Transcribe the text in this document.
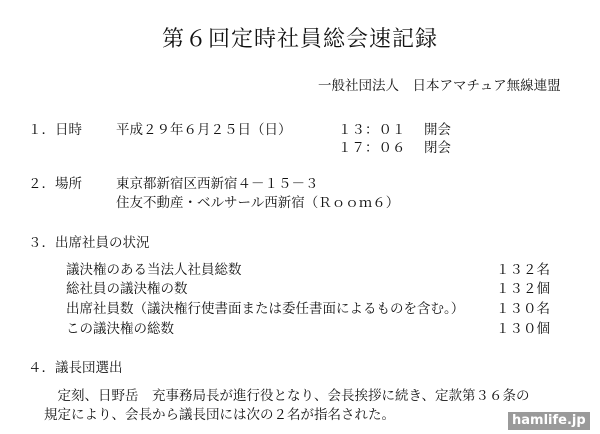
第６回定時社員総会速記録
一般社団法人　日本アマチュア無線連盟
１．日時	平成２９年６月２５日（日）	１３：０１ 開会
１７：０６ 閉会
２．場所	東京都新宿区西新宿４－１５－３
住友不動産・ベルサール西新宿（Ｒｏｏｍ６）
３．出席社員の状況
議決権のある当法人社員総数	１３２名
総社員の議決権の数	１３２個
出席社員数（議決権行使書面または委任書面によるものを含む。） １３０名
この議決権の総数	１３０個
４．議長団選出
　定刻、日野岳　充事務局長が進行役となり、会長挨拶に続き、定款第３６条の
規定により、会長から議長団には次の２名が指名された。	hamlife.jp
